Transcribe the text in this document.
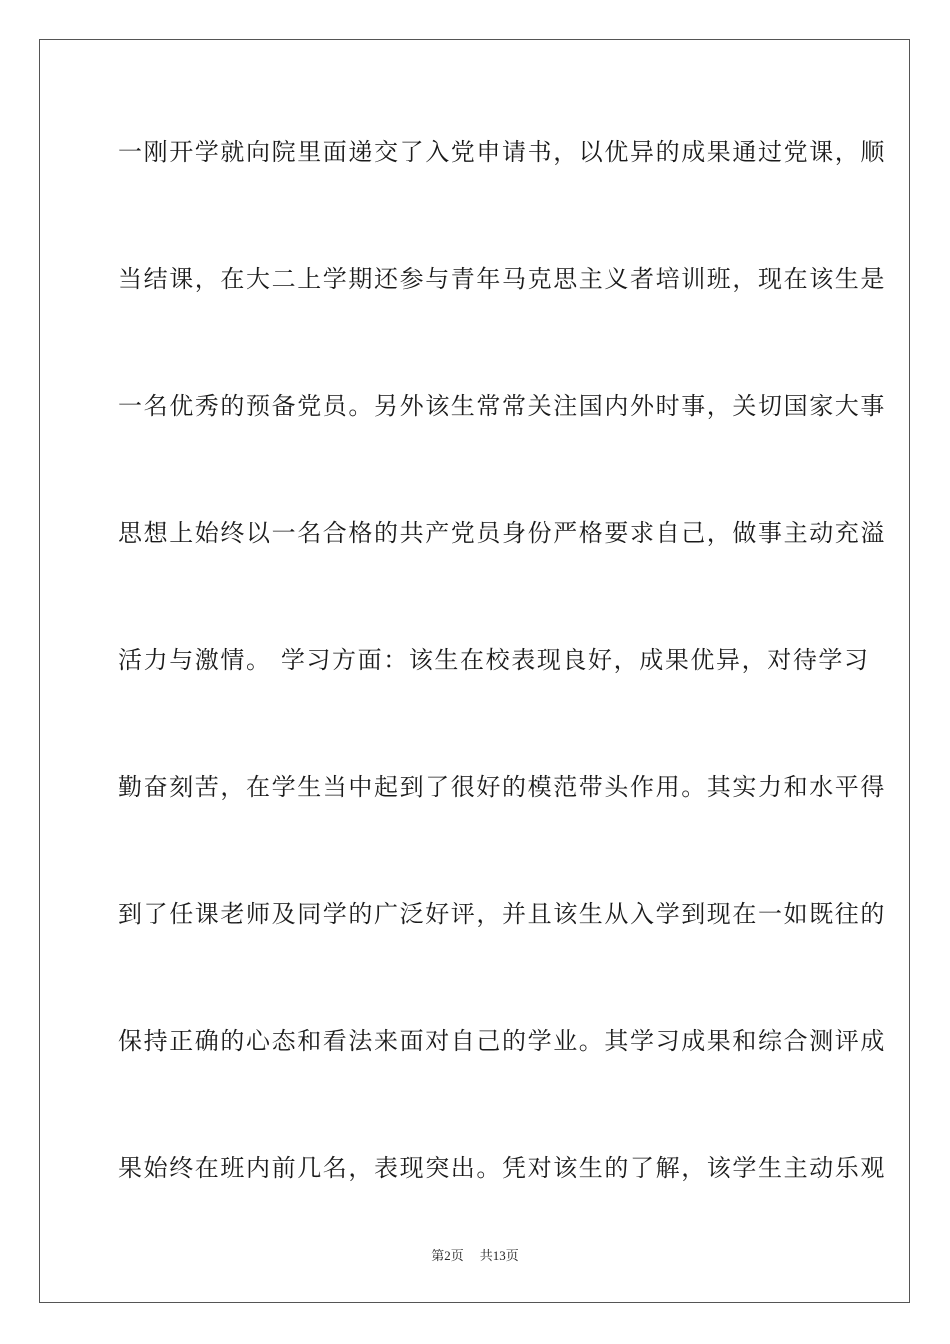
一刚开学就向院里面递交了入党申请书，以优异的成果通过党课，顺
当结课，在大二上学期还参与青年马克思主义者培训班，现在该生是
一名优秀的预备党员。另外该生常常关注国内外时事，关切国家大事
思想上始终以一名合格的共产党员身份严格要求自己，做事主动充溢
活力与激情。 学习方面：该生在校表现良好，成果优异，对待学习
勤奋刻苦，在学生当中起到了很好的模范带头作用。其实力和水平得
到了任课老师及同学的广泛好评，并且该生从入学到现在一如既往的
保持正确的心态和看法来面对自己的学业。其学习成果和综合测评成
果始终在班内前几名，表现突出。凭对该生的了解，该学生主动乐观
第2页 共13页
